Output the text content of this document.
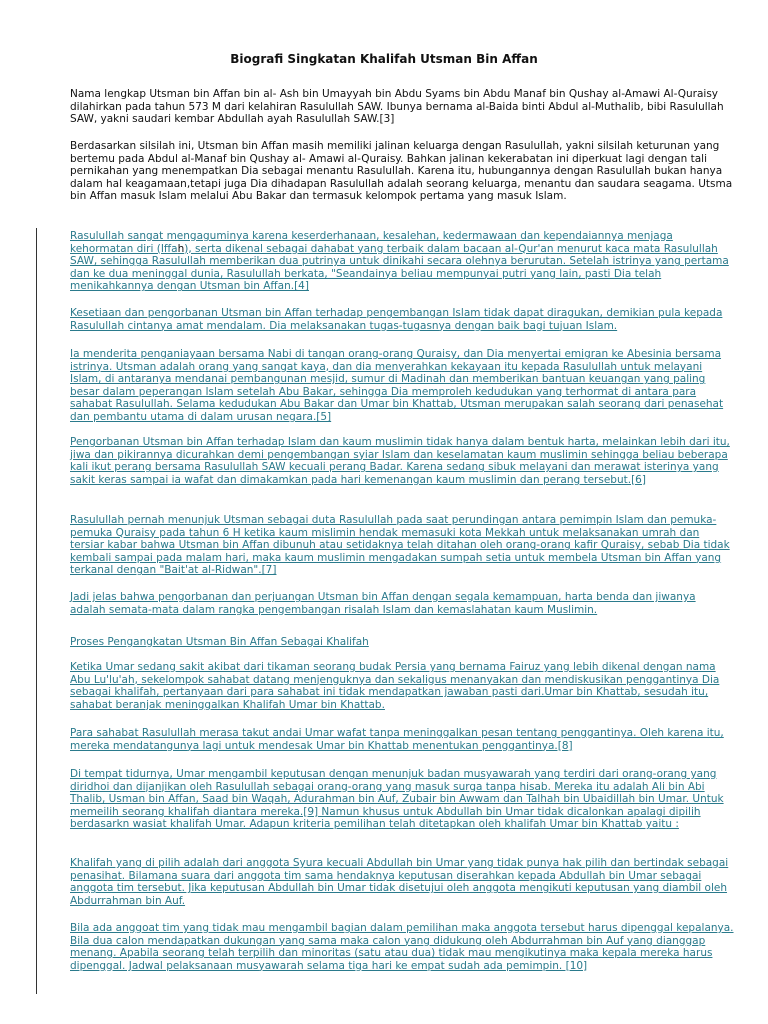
Biografi Singkatan Khalifah Utsman Bin Affan

Nama lengkap Utsman bin Affan bin al- Ash bin Umayyah bin Abdu Syams bin Abdu Manaf bin Qushay al-Amawi Al-Quraisy dilahirkan pada tahun 573 M dari kelahiran Rasulullah SAW. Ibunya bernama al-Baida binti Abdul al-Muthalib, bibi Rasulullah SAW, yakni saudari kembar Abdullah ayah Rasulullah SAW.[3]

Berdasarkan silsilah ini, Utsman bin Affan masih memiliki jalinan keluarga dengan Rasulullah, yakni silsilah keturunan yang bertemu pada Abdul al-Manaf bin Qushay al- Amawi al-Quraisy. Bahkan jalinan kekerabatan ini diperkuat lagi dengan tali pernikahan yang menempatkan Dia sebagai menantu Rasulullah. Karena itu, hubungannya dengan Rasulullah bukan hanya dalam hal keagamaan,tetapi juga Dia dihadapan Rasulullah adalah seorang keluarga, menantu dan saudara seagama. Utsma bin Affan masuk Islam melalui Abu Bakar dan termasuk kelompok pertama yang masuk Islam.

Rasulullah sangat mengaguminya karena keserderhanaan, kesalehan, kedermawaan dan kependaiannya menjaga kehormatan diri (Iffah), serta dikenal sebagai dahabat yang terbaik dalam bacaan al-Qur'an menurut kaca mata Rasulullah SAW, sehingga Rasulullah memberikan dua putrinya untuk dinikahi secara olehnya berurutan. Setelah istrinya yang pertama dan ke dua meninggal dunia, Rasulullah berkata, "Seandainya beliau mempunyai putri yang lain, pasti Dia telah menikahkannya dengan Utsman bin Affan.[4]

Kesetiaan dan pengorbanan Utsman bin Affan terhadap pengembangan Islam tidak dapat diragukan, demikian pula kepada Rasulullah cintanya amat mendalam. Dia melaksanakan tugas-tugasnya dengan baik bagi tujuan Islam.

Ia menderita penganiayaan bersama Nabi di tangan orang-orang Quraisy, dan Dia menyertai emigran ke Abesinia bersama istrinya. Utsman adalah orang yang sangat kaya, dan dia menyerahkan kekayaan itu kepada Rasulullah untuk melayani Islam, di antaranya mendanai pembangunan mesjid, sumur di Madinah dan memberikan bantuan keuangan yang paling besar dalam peperangan Islam setelah Abu Bakar, sehingga Dia memproleh kedudukan yang terhormat di antara para sahabat Rasulullah. Selama kedudukan Abu Bakar dan Umar bin Khattab, Utsman merupakan salah seorang dari penasehat dan pembantu utama di dalam urusan negara.[5]

Pengorbanan Utsman bin Affan terhadap Islam dan kaum muslimin tidak hanya dalam bentuk harta, melainkan lebih dari itu, jiwa dan pikirannya dicurahkan demi pengembangan syiar Islam dan keselamatan kaum muslimin sehingga beliau beberapa kali ikut perang bersama Rasulullah SAW kecuali perang Badar. Karena sedang sibuk melayani dan merawat isterinya yang sakit keras sampai ia wafat dan dimakamkan pada hari kemenangan kaum muslimin dan perang tersebut.[6]

Rasulullah pernah menunjuk Utsman sebagai duta Rasulullah pada saat perundingan antara pemimpin Islam dan pemuka-pemuka Quraisy pada tahun 6 H ketika kaum mislimin hendak memasuki kota Mekkah untuk melaksanakan umrah dan tersiar kabar bahwa Utsman bin Affan dibunuh atau setidaknya telah ditahan oleh orang-orang kafir Quraisy, sebab Dia tidak kembali sampai pada malam hari, maka kaum muslimin mengadakan sumpah setia untuk membela Utsman bin Affan yang terkanal dengan "Bait'at al-Ridwan".[7]

Jadi jelas bahwa pengorbanan dan perjuangan Utsman bin Affan dengan segala kemampuan, harta benda dan jiwanya adalah semata-mata dalam rangka pengembangan risalah Islam dan kemaslahatan kaum Muslimin.

Proses Pengangkatan Utsman Bin Affan Sebagai Khalifah

Ketika Umar sedang sakit akibat dari tikaman seorang budak Persia yang bernama Fairuz yang lebih dikenal dengan nama Abu Lu'lu'ah, sekelompok sahabat datang menjenguknya dan sekaligus menanyakan dan mendiskusikan penggantinya Dia sebagai khalifah, pertanyaan dari para sahabat ini tidak mendapatkan jawaban pasti dari.Umar bin Khattab, sesudah itu, sahabat beranjak meninggalkan Khalifah Umar bin Khattab.

Para sahabat Rasulullah merasa takut andai Umar wafat tanpa meninggalkan pesan tentang penggantinya. Oleh karena itu, mereka mendatangunya lagi untuk mendesak Umar bin Khattab menentukan penggantinya.[8]

Di tempat tidurnya, Umar mengambil keputusan dengan menunjuk badan musyawarah yang terdiri dari orang-orang yang diridhoi dan dijanjikan oleh Rasulullah sebagai orang-orang yang masuk surga tanpa hisab. Mereka itu adalah Ali bin Abi Thalib, Usman bin Affan, Saad bin Waqah, Adurahman bin Auf, Zubair bin Awwam dan Talhah bin Ubaidillah bin Umar. Untuk memeilih seorang khalifah diantara mereka.[9] Namun khusus untuk Abdullah bin Umar tidak dicalonkan apalagi dipilih berdasarkn wasiat khalifah Umar. Adapun kriteria pemilihan telah ditetapkan oleh khalifah Umar bin Khattab yaitu :

Khalifah yang di pilih adalah dari anggota Syura kecuali Abdullah bin Umar yang tidak punya hak pilih dan bertindak sebagai penasihat. Bilamana suara dari anggota tim sama hendaknya keputusan diserahkan kepada Abdullah bin Umar sebagai anggota tim tersebut. Jika keputusan Abdullah bin Umar tidak disetujui oleh anggota mengikuti keputusan yang diambil oleh Abdurrahman bin Auf.

Bila ada anggoat tim yang tidak mau mengambil bagian dalam pemilihan maka anggota tersebut harus dipenggal kepalanya. Bila dua calon mendapatkan dukungan yang sama maka calon yang didukung oleh Abdurrahman bin Auf yang dianggap menang. Apabila seorang telah terpilih dan minoritas (satu atau dua) tidak mau mengikutinya maka kepala mereka harus dipenggal. Jadwal pelaksanaan musyawarah selama tiga hari ke empat sudah ada pemimpin. [10]
